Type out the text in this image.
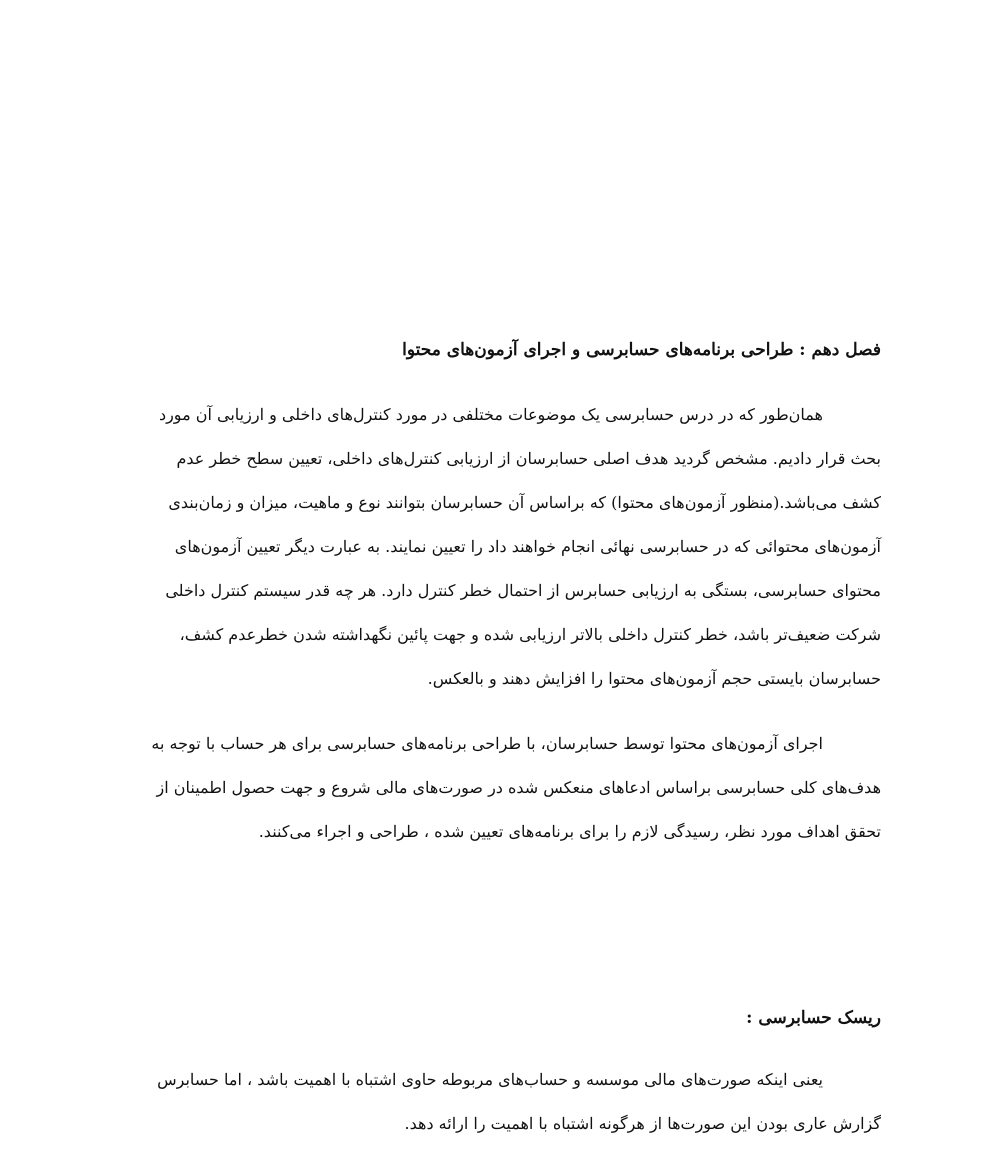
فصل دهم : طراحی برنامه‌های حسابرسی و اجرای آزمون‌های محتوا

همان‌طور که در درس حسابرسی یک موضوعات مختلفی در مورد کنترل‌های داخلی و ارزیابی آن مورد
بحث قرار دادیم. مشخص گردید هدف اصلی حسابرسان از ارزیابی کنترل‌های داخلی، تعیین سطح خطر عدم
کشف می‌باشد.(منظور آزمون‌های محتوا) که براساس آن حسابرسان بتوانند نوع و ماهیت، میزان و زمان‌بندی
آزمون‌های محتوائی که در حسابرسی نهائی انجام خواهند داد را تعیین نمایند. به عبارت دیگر تعیین آزمون‌های
محتوای حسابرسی، بستگی به ارزیابی حسابرس از احتمال خطر کنترل دارد. هر چه قدر سیستم کنترل داخلی
شرکت ضعیف‌تر باشد، خطر کنترل داخلی بالاتر ارزیابی شده و جهت پائین نگهداشته شدن خطرعدم کشف،
حسابرسان بایستی حجم آزمون‌های محتوا را افزایش دهند و بالعکس.

اجرای آزمون‌های محتوا توسط حسابرسان، با طراحی برنامه‌های حسابرسی برای هر حساب با توجه به
هدف‌های کلی حسابرسی براساس ادعاهای منعکس شده در صورت‌های مالی شروع و جهت حصول اطمینان از
تحقق اهداف مورد نظر، رسیدگی لازم را برای برنامه‌های تعیین شده ، طراحی و اجراء می‌کنند.

ریسک حسابرسی :

یعنی اینکه صورت‌های مالی موسسه و حساب‌های مربوطه حاوی اشتباه با اهمیت باشد ، اما حسابرس
گزارش عاری بودن این صورت‌ها از هرگونه اشتباه با اهمیت را ارائه دهد.
